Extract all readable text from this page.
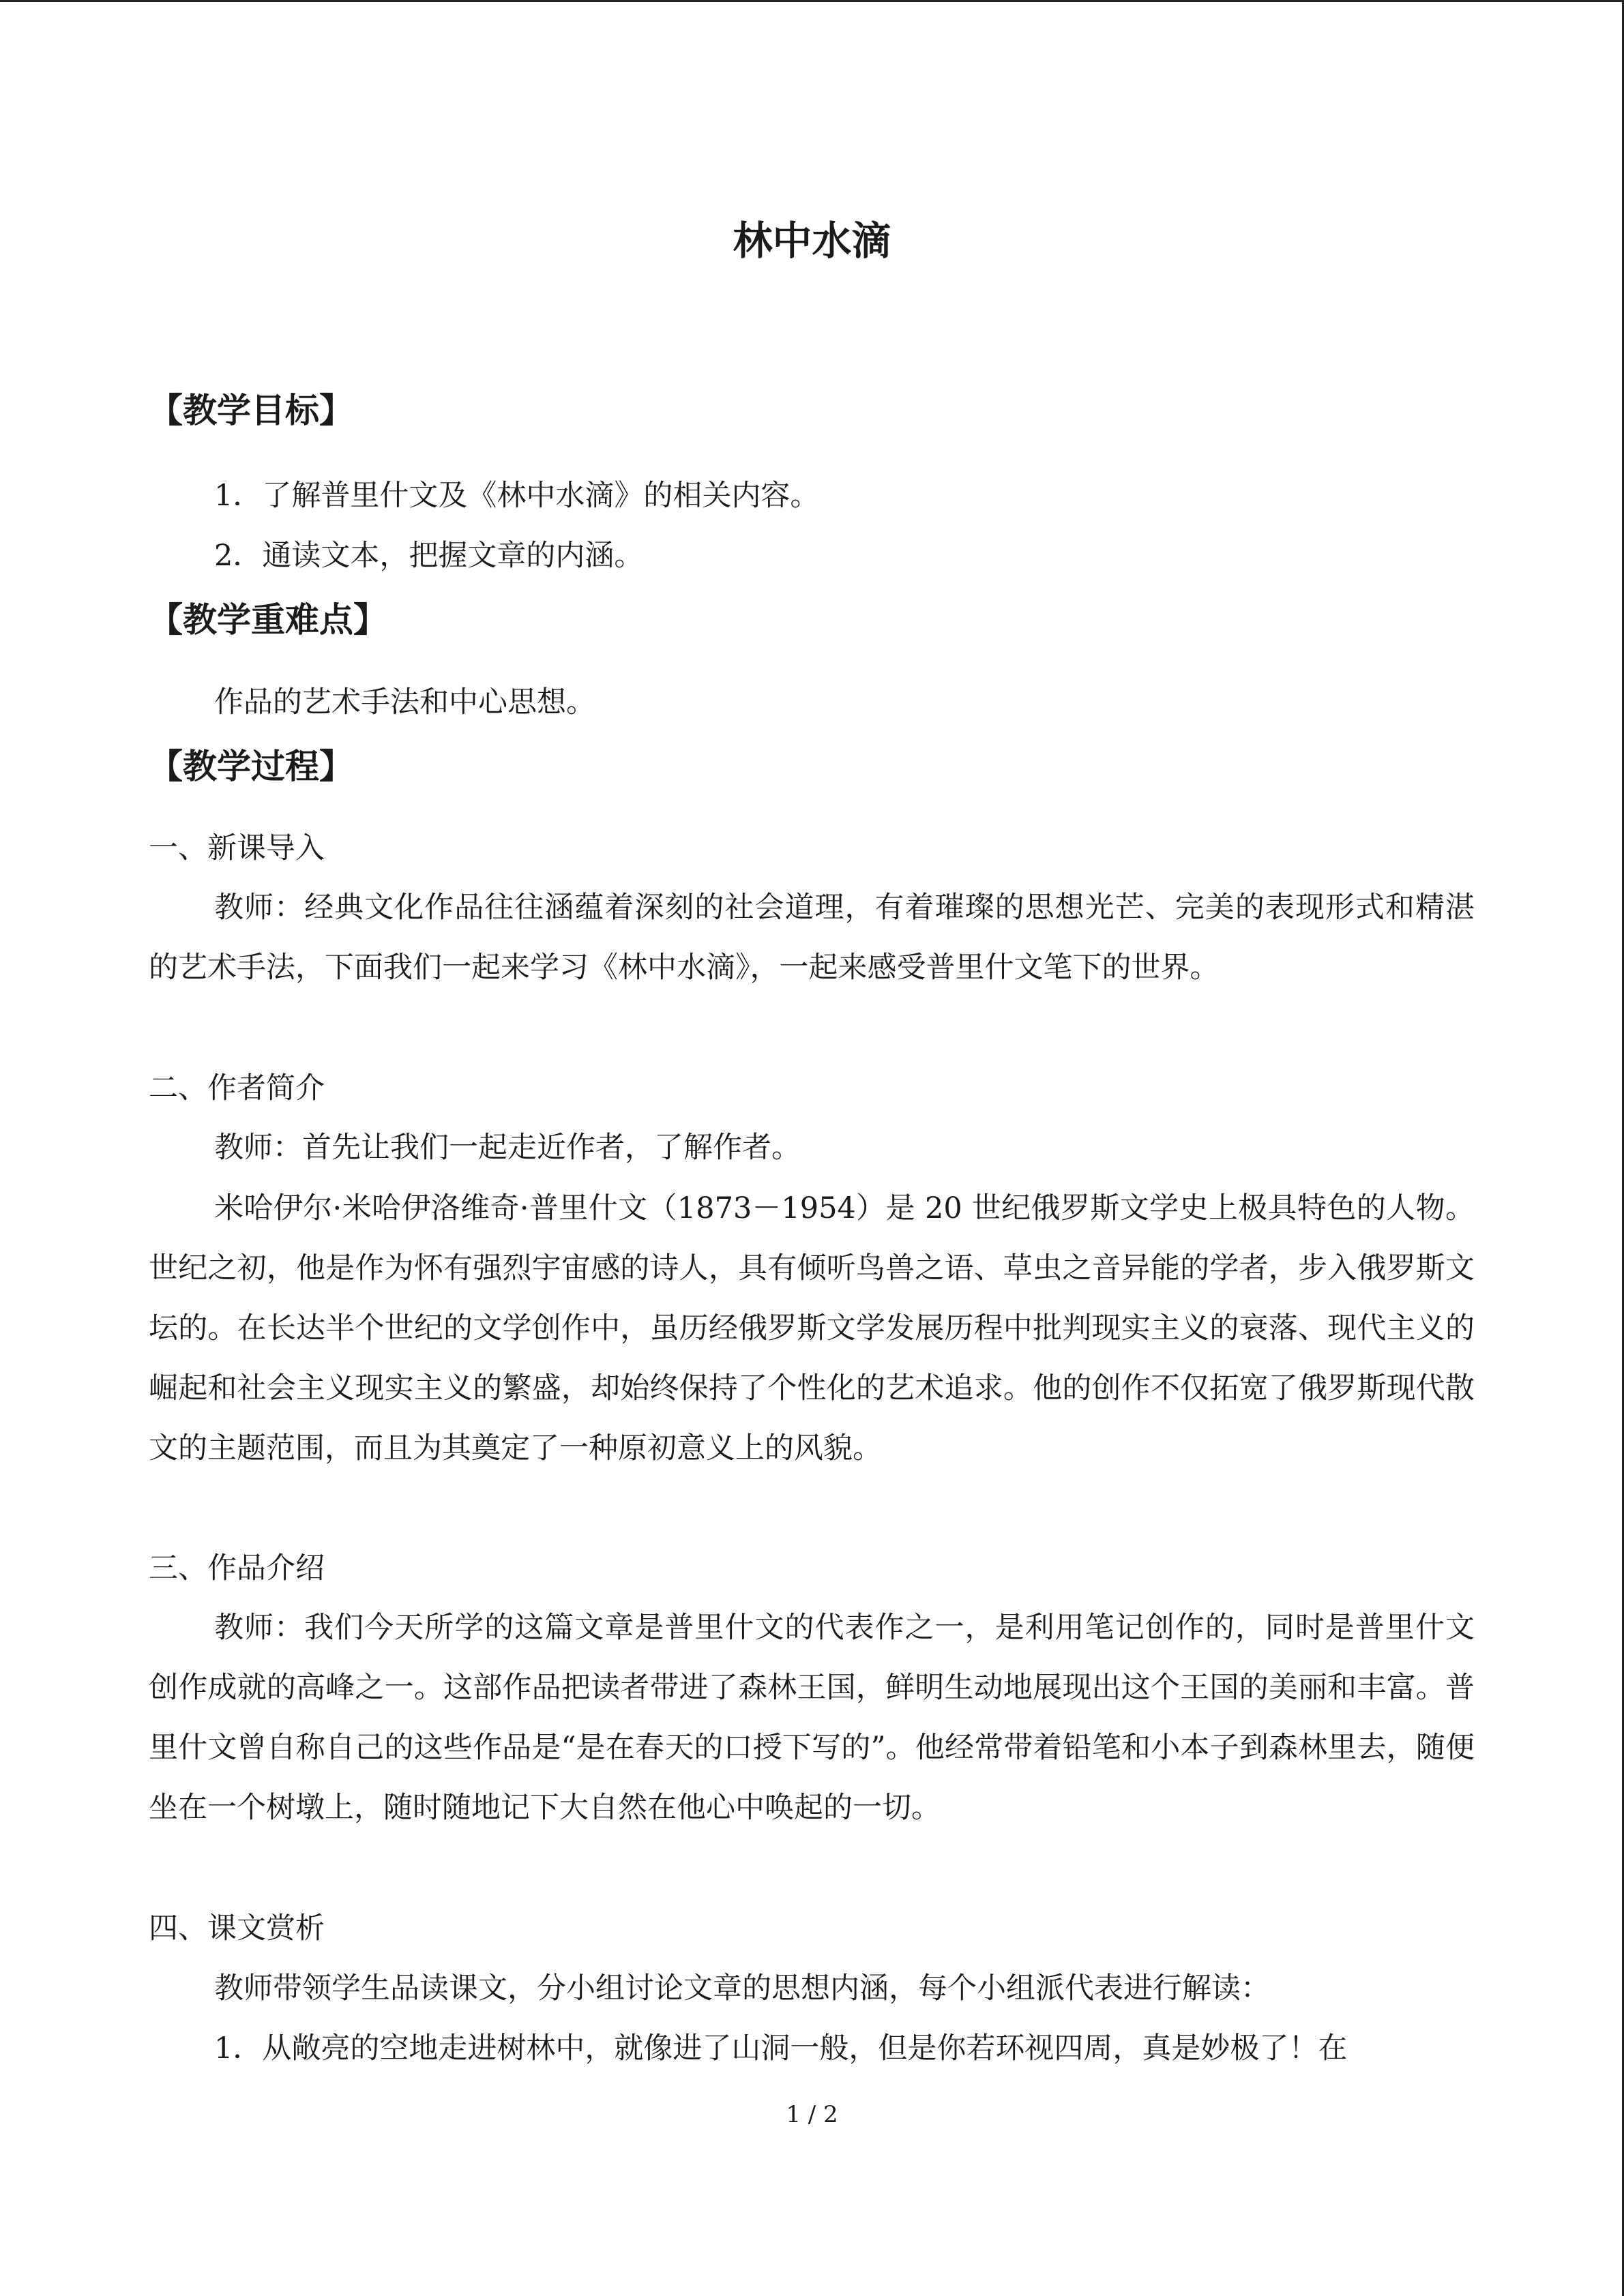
林中水滴
【教学目标】
1．了解普里什文及《林中水滴》的相关内容。
2．通读文本，把握文章的内涵。
【教学重难点】
作品的艺术手法和中心思想。
【教学过程】
一、新课导入

教师：经典文化作品往往涵蕴着深刻的社会道理，有着璀璨的思想光芒、完美的表现形式和精湛的艺术手法，下面我们一起来学习《林中水滴》，一起来感受普里什文笔下的世界。

二、作者简介

教师：首先让我们一起走近作者，了解作者。

米哈伊尔·米哈伊洛维奇·普里什文（1873－1954）是 20 世纪俄罗斯文学史上极具特色的人物。世纪之初，他是作为怀有强烈宇宙感的诗人，具有倾听鸟兽之语、草虫之音异能的学者，步入俄罗斯文坛的。在长达半个世纪的文学创作中，虽历经俄罗斯文学发展历程中批判现实主义的衰落、现代主义的崛起和社会主义现实主义的繁盛，却始终保持了个性化的艺术追求。他的创作不仅拓宽了俄罗斯现代散文的主题范围，而且为其奠定了一种原初意义上的风貌。

三、作品介绍

教师：我们今天所学的这篇文章是普里什文的代表作之一，是利用笔记创作的，同时是普里什文创作成就的高峰之一。这部作品把读者带进了森林王国，鲜明生动地展现出这个王国的美丽和丰富。普里什文曾自称自己的这些作品是“是在春天的口授下写的”。他经常带着铅笔和小本子到森林里去，随便坐在一个树墩上，随时随地记下大自然在他心中唤起的一切。

四、课文赏析

教师带领学生品读课文，分小组讨论文章的思想内涵，每个小组派代表进行解读：

1．从敞亮的空地走进树林中，就像进了山洞一般，但是你若环视四周，真是妙极了！在

1 / 2
